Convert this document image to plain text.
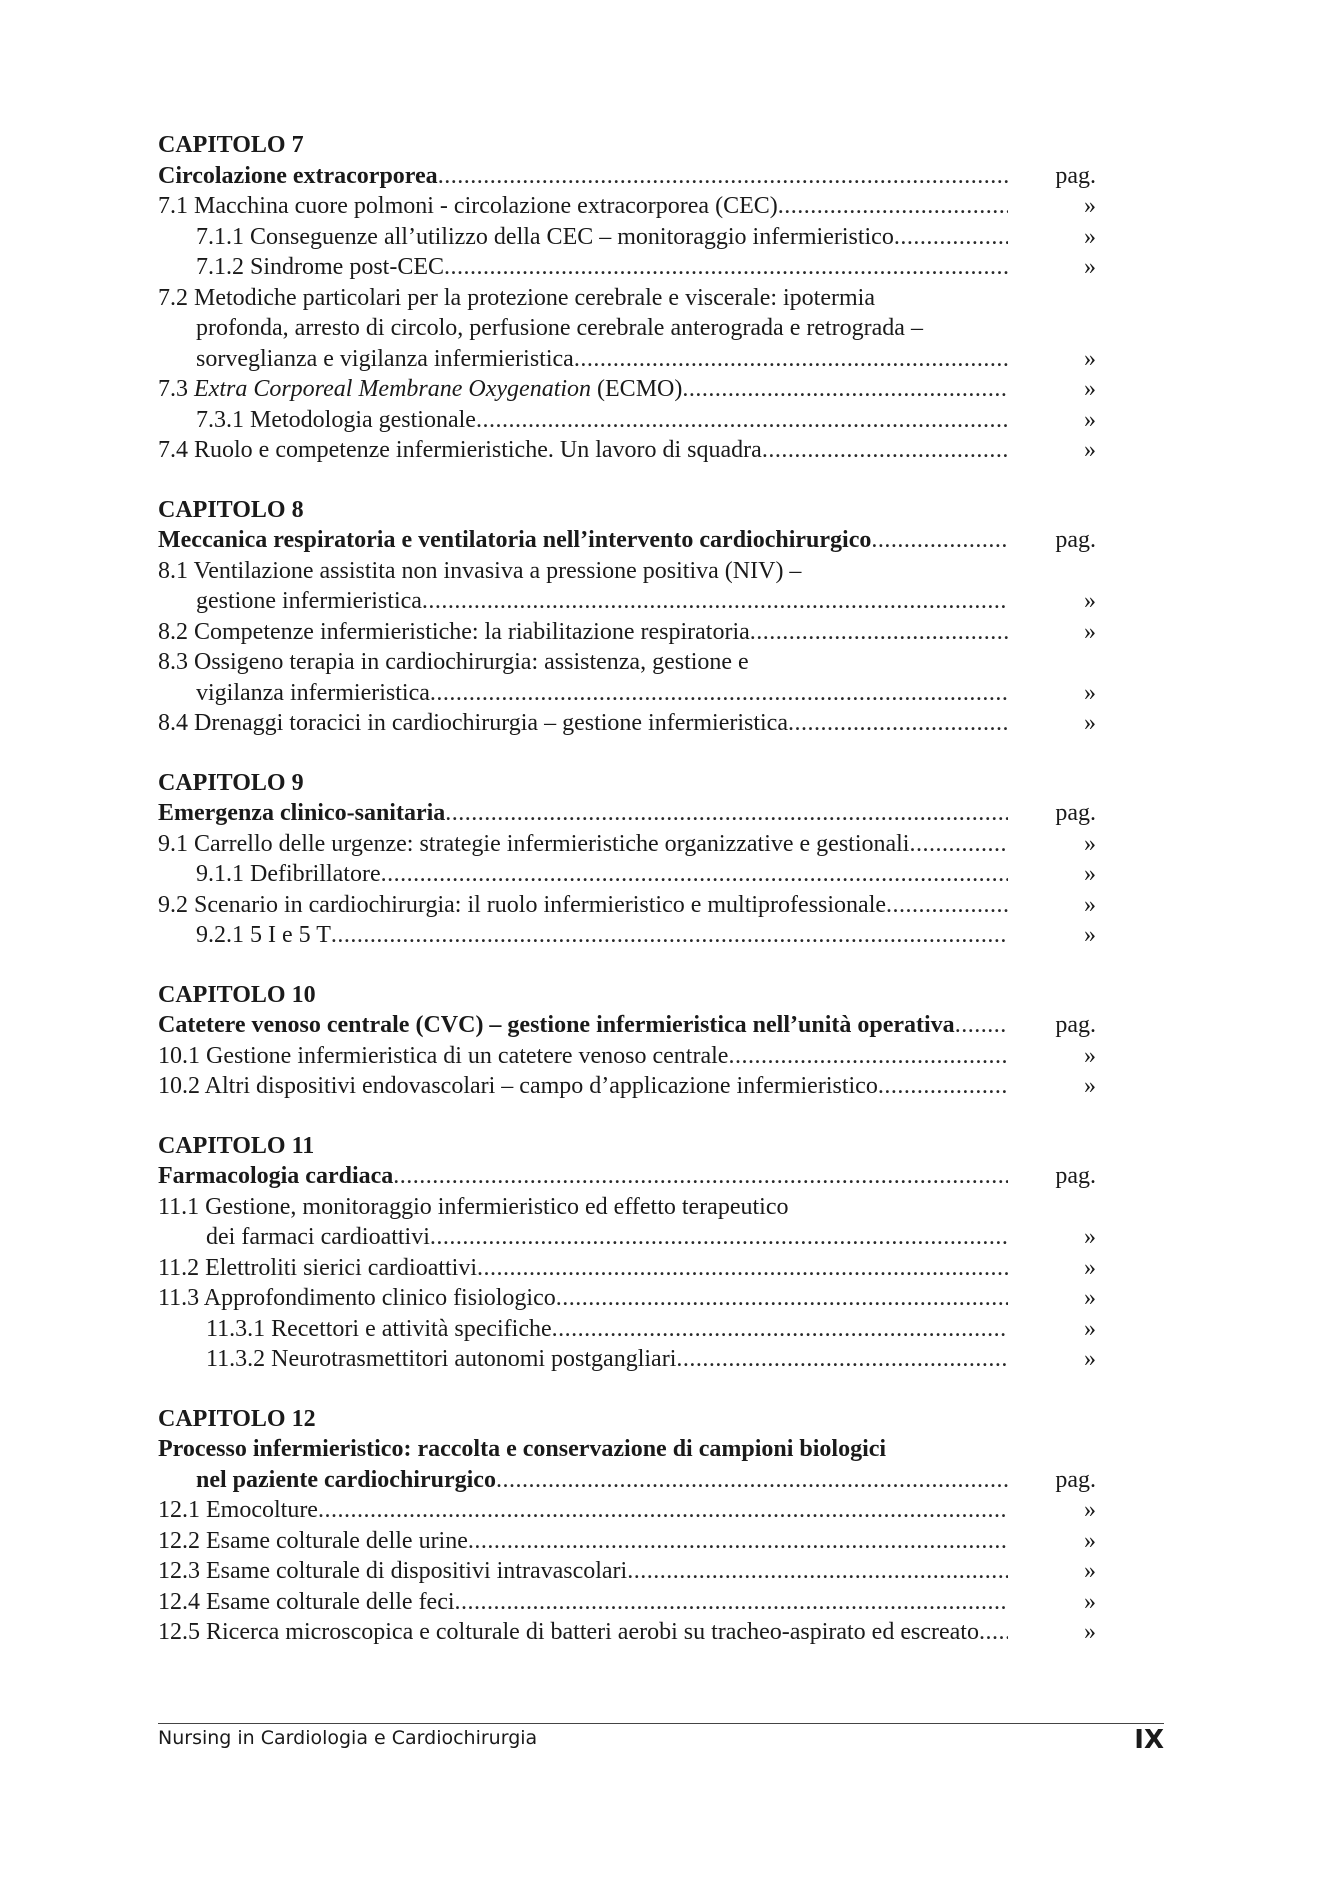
CAPITOLO 7
Circolazione extracorporea .....	pag.
7.1 Macchina cuore polmoni - circolazione extracorporea (CEC) .....	»
7.1.1 Conseguenze all’utilizzo della CEC – monitoraggio infermieristico .....	»
7.1.2 Sindrome post-CEC .....	»
7.2 Metodiche particolari per la protezione cerebrale e viscerale: ipotermia
profonda, arresto di circolo, perfusione cerebrale anterograda e retrograda –
sorveglianza e vigilanza infermieristica .....	»
7.3 Extra Corporeal Membrane Oxygenation (ECMO) .....	»
7.3.1 Metodologia gestionale .....	»
7.4 Ruolo e competenze infermieristiche. Un lavoro di squadra .....	»
CAPITOLO 8
Meccanica respiratoria e ventilatoria nell’intervento cardiochirurgico .....	pag.
8.1 Ventilazione assistita non invasiva a pressione positiva (NIV) –
gestione infermieristica .....	»
8.2 Competenze infermieristiche: la riabilitazione respiratoria .....	»
8.3 Ossigeno terapia in cardiochirurgia: assistenza, gestione e
vigilanza infermieristica .....	»
8.4 Drenaggi toracici in cardiochirurgia – gestione infermieristica .....	»
CAPITOLO 9
Emergenza clinico-sanitaria .....	pag.
9.1 Carrello delle urgenze: strategie infermieristiche organizzative e gestionali .....	»
9.1.1 Defibrillatore .....	»
9.2 Scenario in cardiochirurgia: il ruolo infermieristico e multiprofessionale .....	»
9.2.1 5 I e 5 T .....	»
CAPITOLO 10
Catetere venoso centrale (CVC) – gestione infermieristica nell’unità operativa .....	pag.
10.1 Gestione infermieristica di un catetere venoso centrale .....	»
10.2 Altri dispositivi endovascolari – campo d’applicazione infermieristico .....	»
CAPITOLO 11
Farmacologia cardiaca .....	pag.
11.1 Gestione, monitoraggio infermieristico ed effetto terapeutico
dei farmaci cardioattivi .....	»
11.2 Elettroliti sierici cardioattivi .....	»
11.3 Approfondimento clinico fisiologico .....	»
11.3.1 Recettori e attività specifiche .....	»
11.3.2 Neurotrasmettitori autonomi postgangliari .....	»
CAPITOLO 12
Processo infermieristico: raccolta e conservazione di campioni biologici
nel paziente cardiochirurgico .....	pag.
12.1 Emocolture .....	»
12.2 Esame colturale delle urine .....	»
12.3 Esame colturale di dispositivi intravascolari .....	»
12.4 Esame colturale delle feci .....	»
12.5 Ricerca microscopica e colturale di batteri aerobi su tracheo-aspirato ed escreato .....	»
Nursing in Cardiologia e Cardiochirurgia	IX
